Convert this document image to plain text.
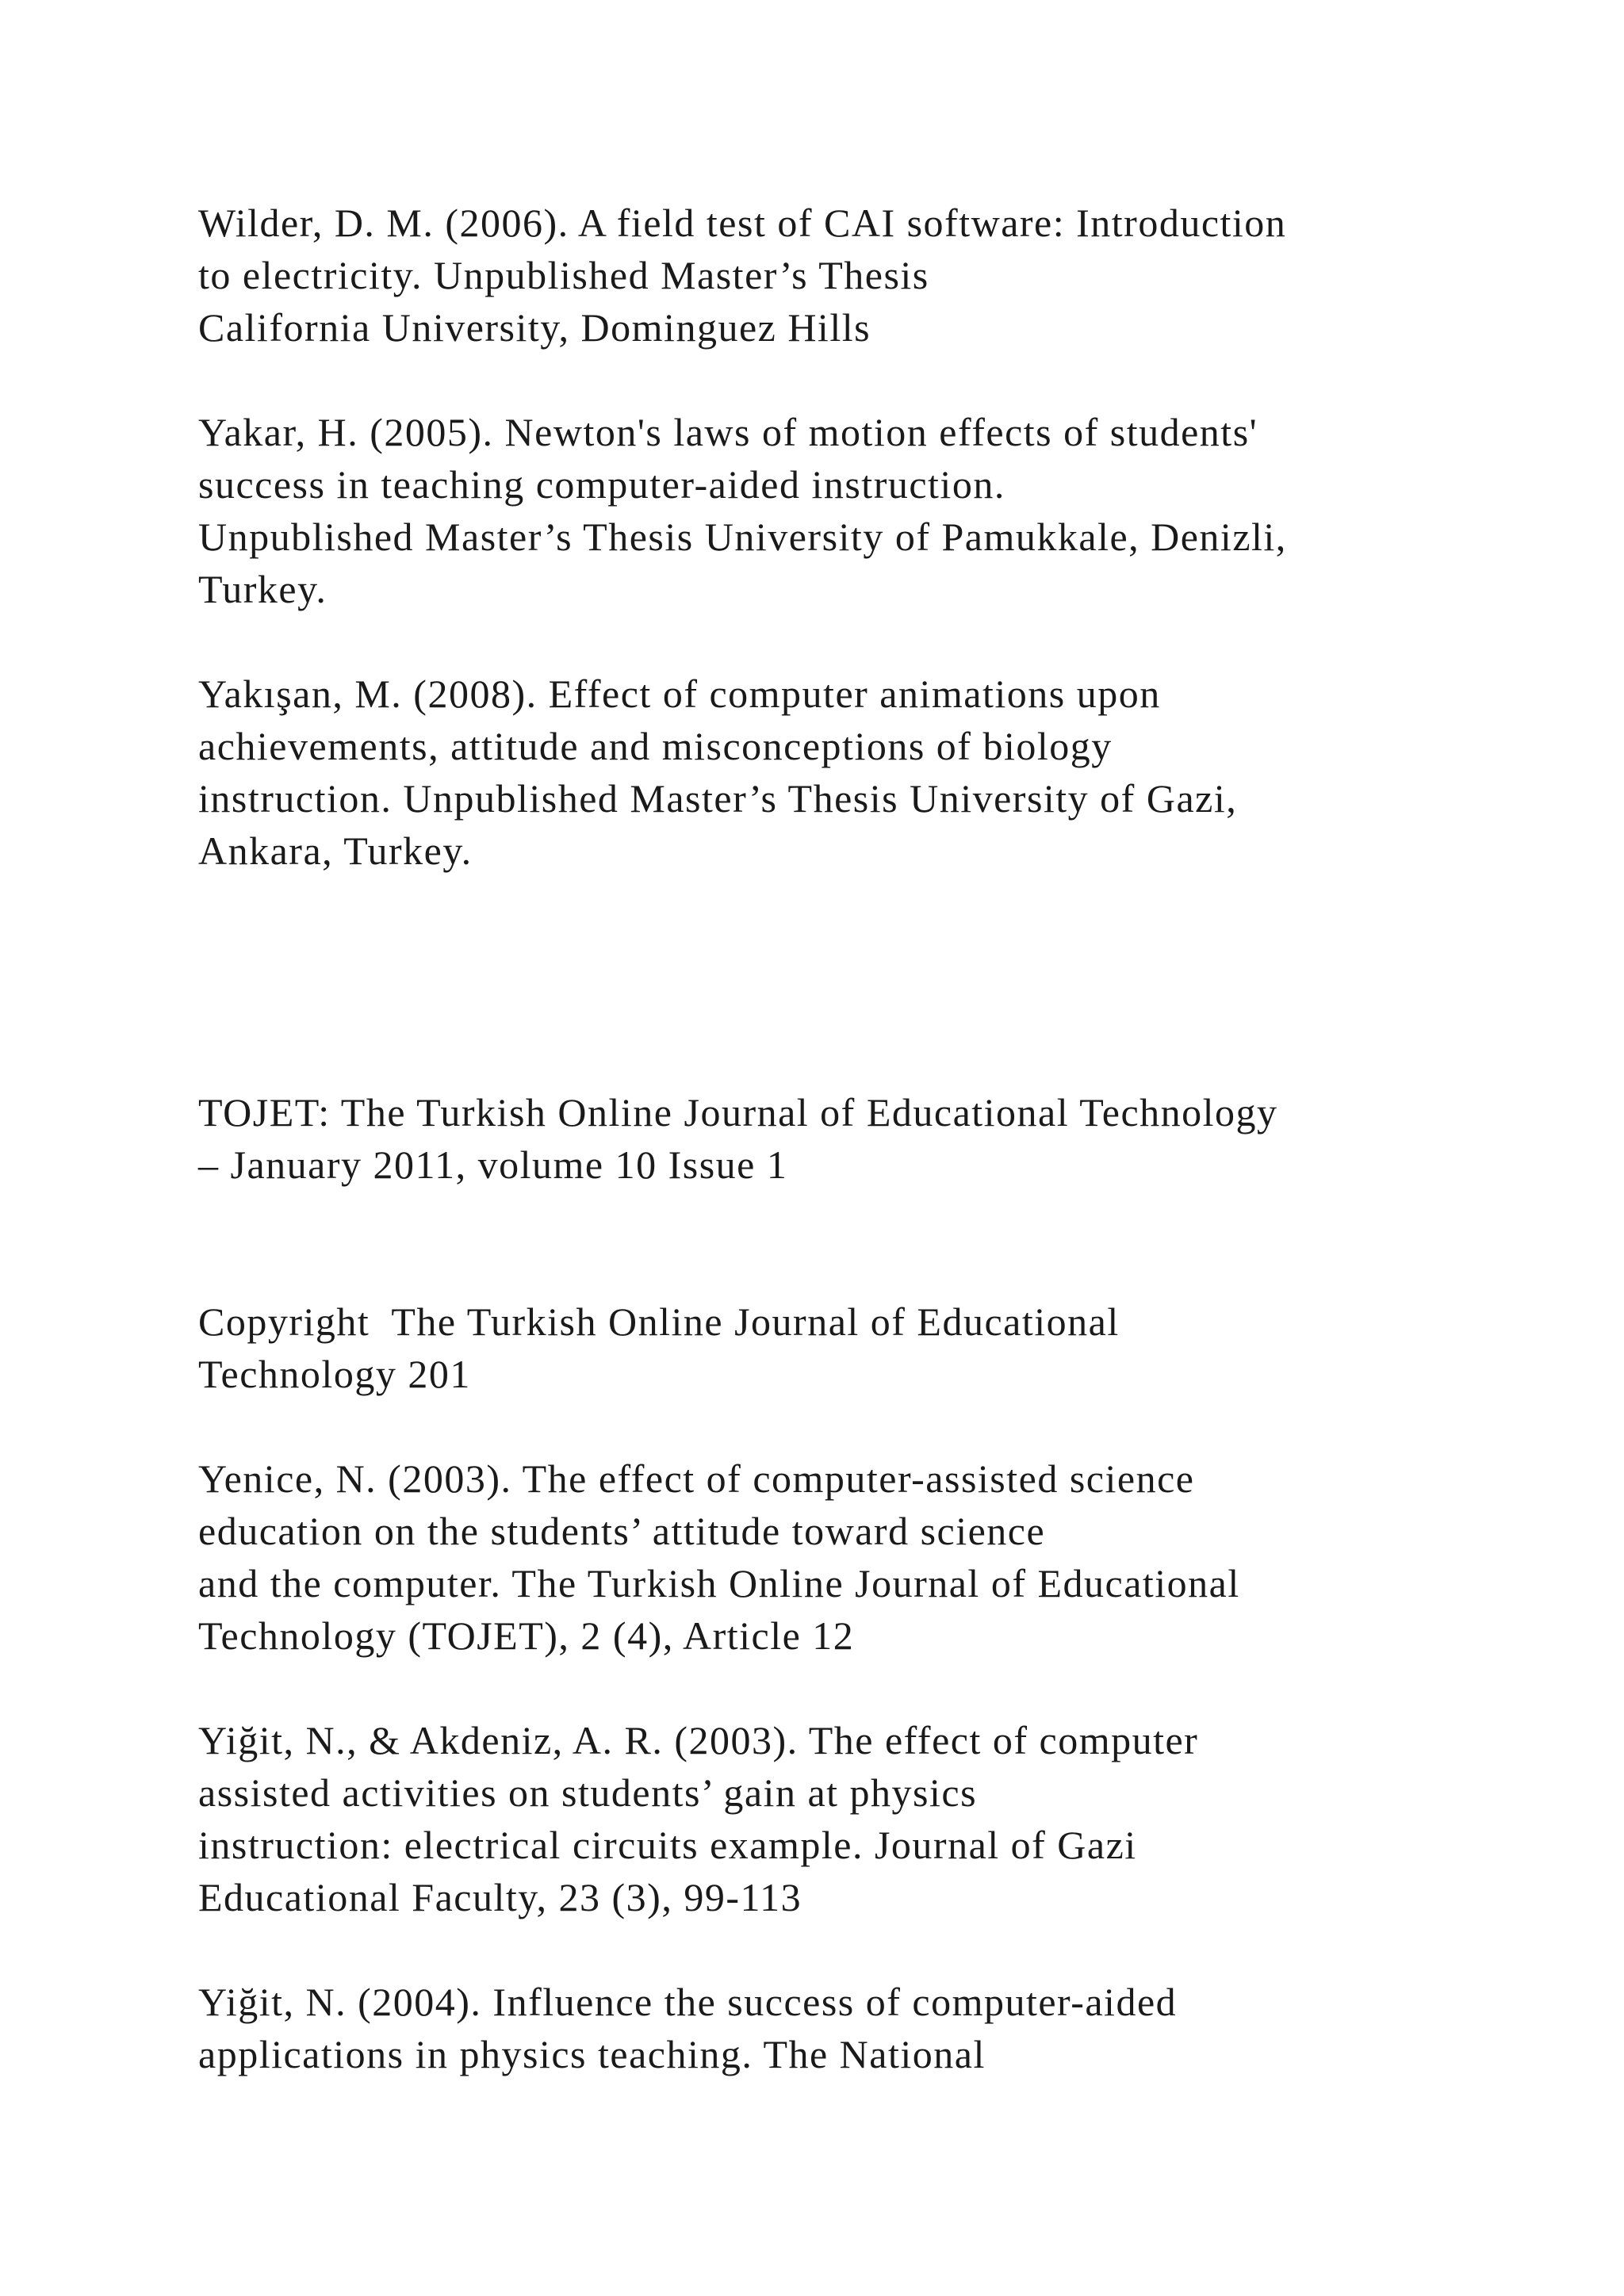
Wilder, D. M. (2006). A field test of CAI software: Introduction
to electricity. Unpublished Master’s Thesis
California University, Dominguez Hills
Yakar, H. (2005). Newton's laws of motion effects of students'
success in teaching computer-aided instruction.
Unpublished Master’s Thesis University of Pamukkale, Denizli,
Turkey.
Yakışan, M. (2008). Effect of computer animations upon
achievements, attitude and misconceptions of biology
instruction. Unpublished Master’s Thesis University of Gazi,
Ankara, Turkey.
TOJET: The Turkish Online Journal of Educational Technology
– January 2011, volume 10 Issue 1
Copyright  The Turkish Online Journal of Educational
Technology 201
Yenice, N. (2003). The effect of computer-assisted science
education on the students’ attitude toward science
and the computer. The Turkish Online Journal of Educational
Technology (TOJET), 2 (4), Article 12
Yiğit, N., & Akdeniz, A. R. (2003). The effect of computer
assisted activities on students’ gain at physics
instruction: electrical circuits example. Journal of Gazi
Educational Faculty, 23 (3), 99-113
Yiğit, N. (2004). Influence the success of computer-aided
applications in physics teaching. The National
